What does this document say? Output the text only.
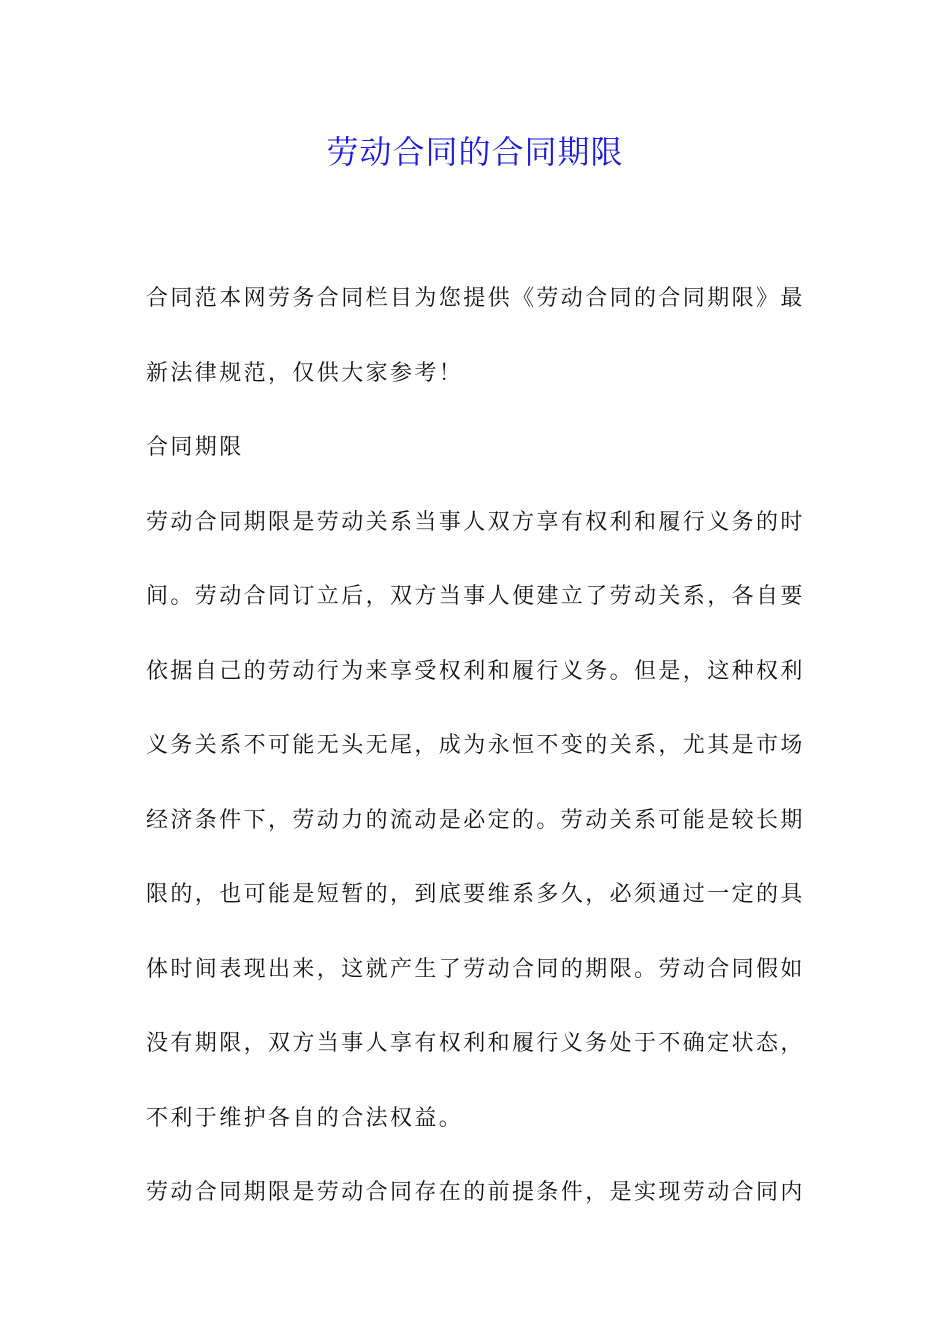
劳动合同的合同期限

合同范本网劳务合同栏目为您提供《劳动合同的合同期限》最新法律规范，仅供大家参考！

合同期限

劳动合同期限是劳动关系当事人双方享有权利和履行义务的时间。劳动合同订立后，双方当事人便建立了劳动关系，各自要依据自己的劳动行为来享受权利和履行义务。但是，这种权利义务关系不可能无头无尾，成为永恒不变的关系，尤其是市场经济条件下，劳动力的流动是必定的。劳动关系可能是较长期限的，也可能是短暂的，到底要维系多久，必须通过一定的具体时间表现出来，这就产生了劳动合同的期限。劳动合同假如没有期限，双方当事人享有权利和履行义务处于不确定状态，不利于维护各自的合法权益。

劳动合同期限是劳动合同存在的前提条件，是实现劳动合同内
